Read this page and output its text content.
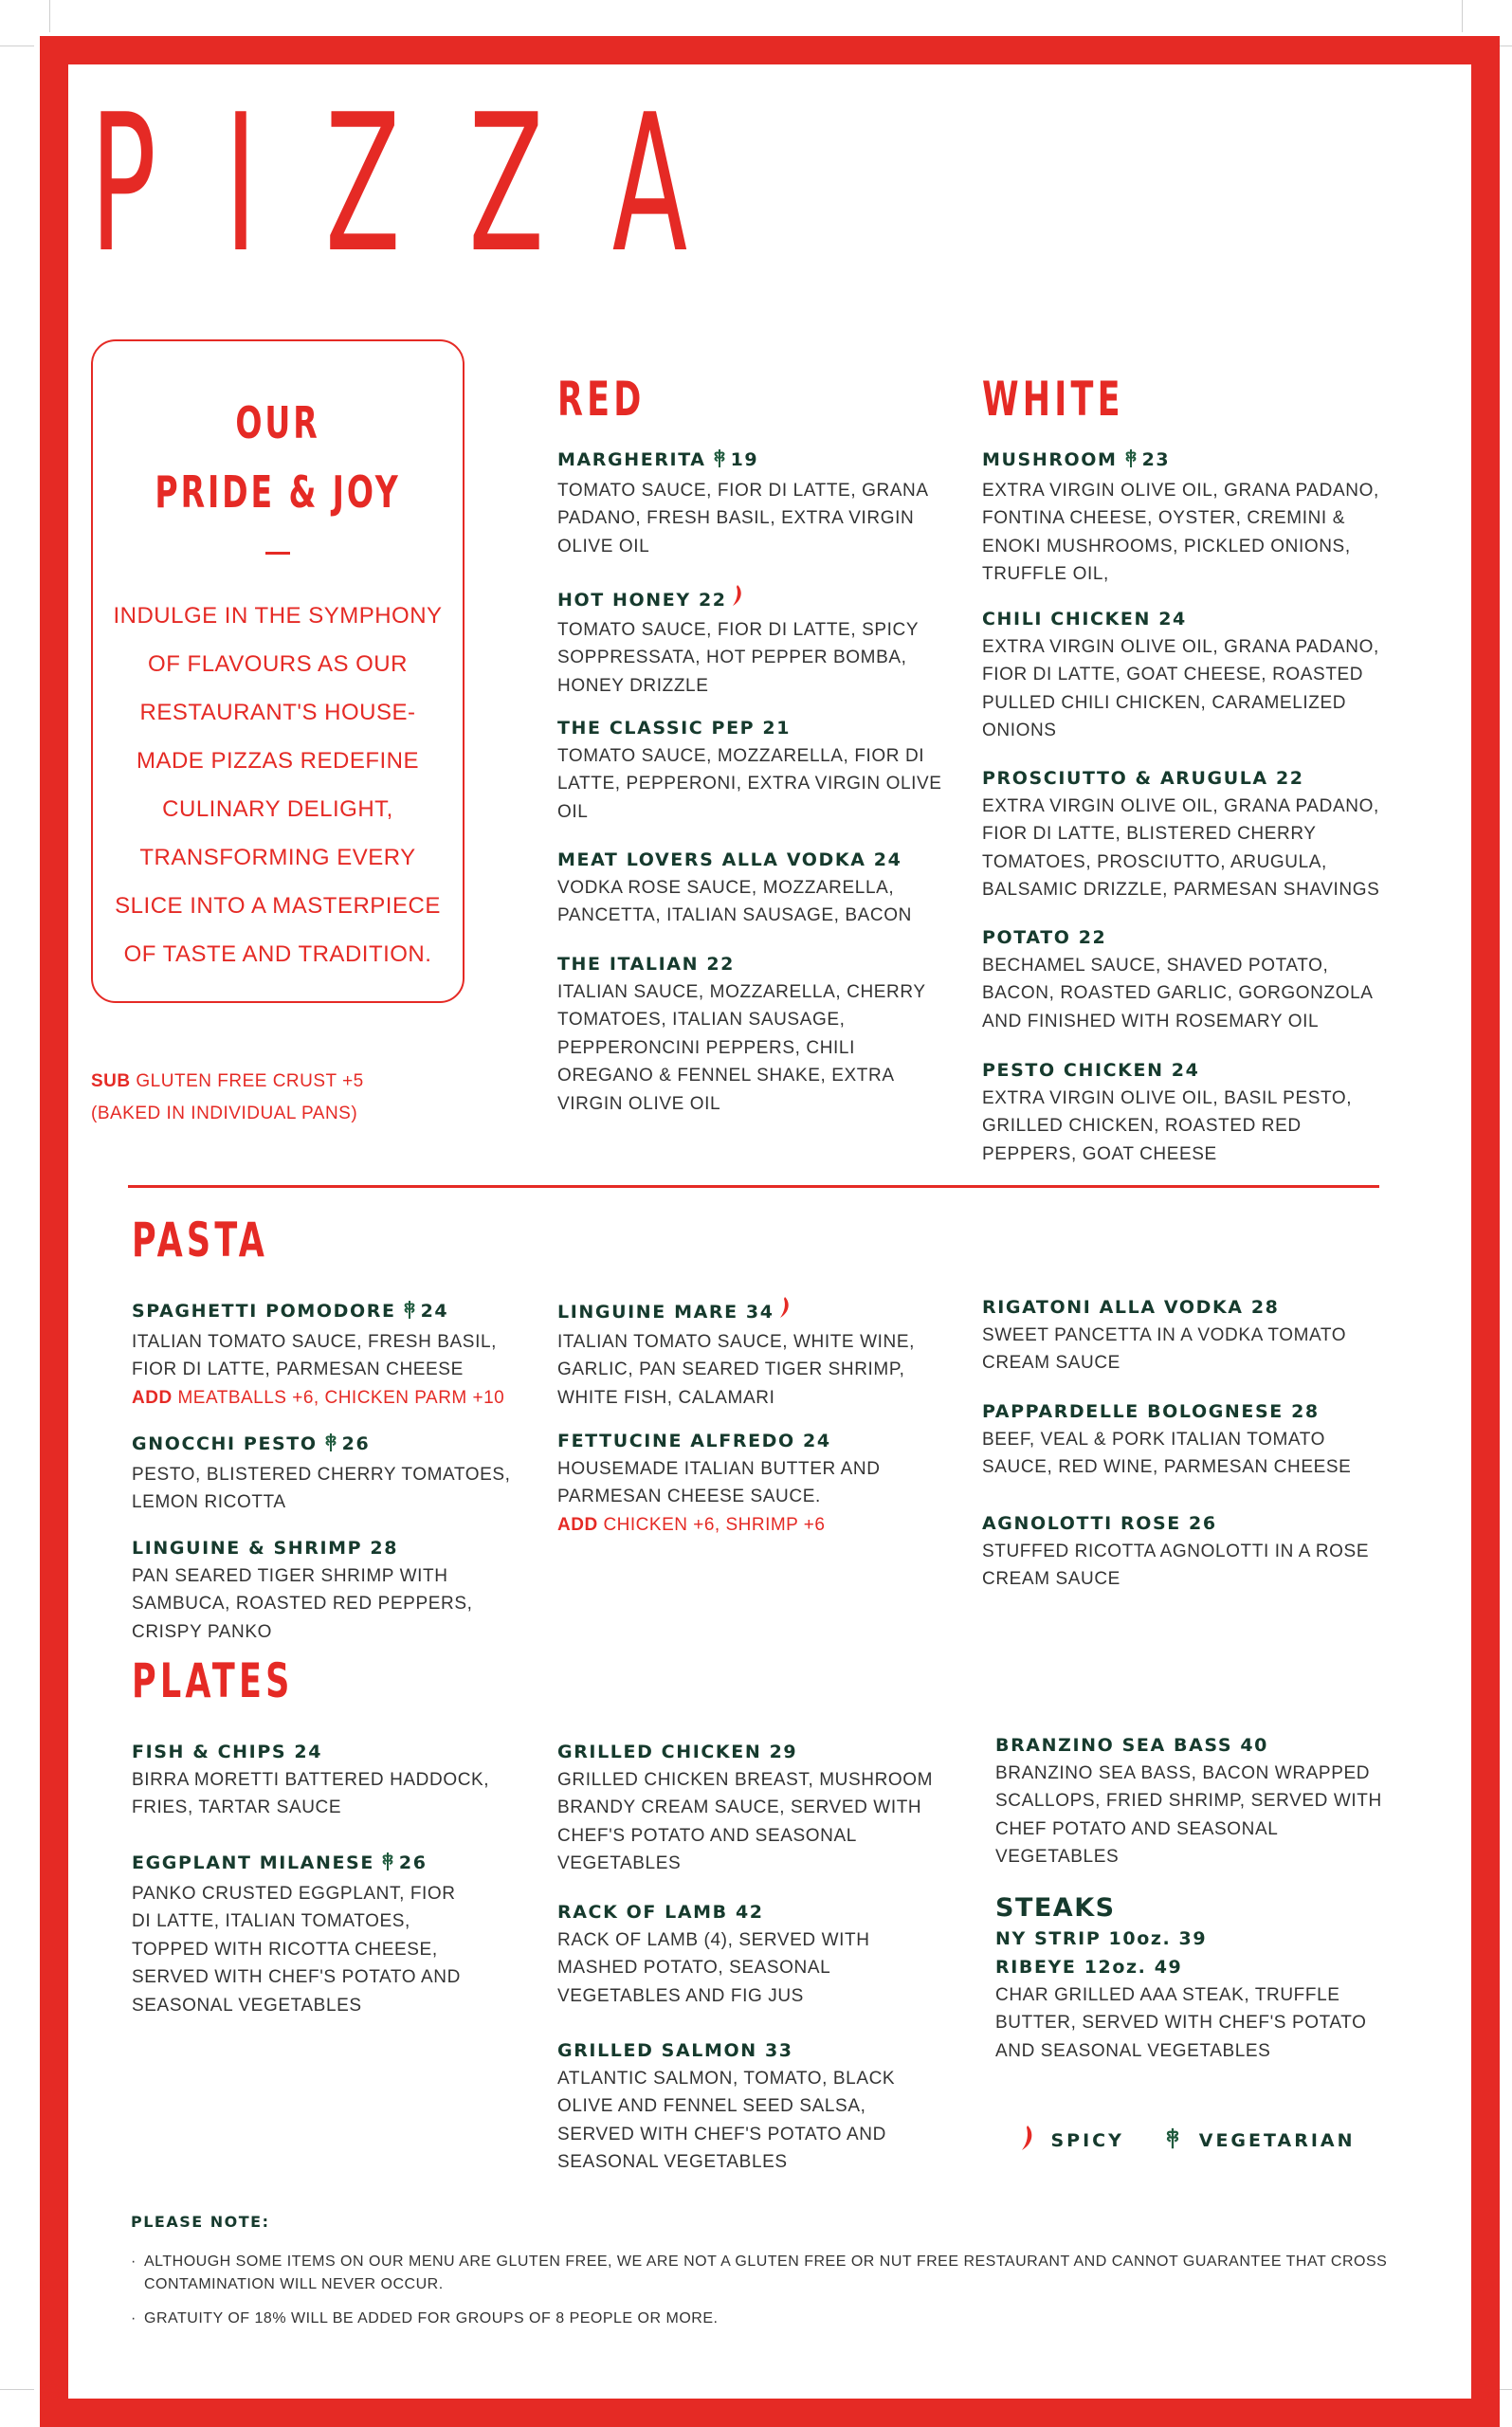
PIZZA
OUR
PRIDE & JOY

INDULGE IN THE SYMPHONY OF FLAVOURS AS OUR RESTAURANT'S HOUSE-MADE PIZZAS REDEFINE CULINARY DELIGHT, TRANSFORMING EVERY SLICE INTO A MASTERPIECE OF TASTE AND TRADITION.

SUB GLUTEN FREE CRUST +5
(BAKED IN INDIVIDUAL PANS)
RED	WHITE
PASTA
PLATES
MARGHERITA 19
TOMATO SAUCE, FIOR DI LATTE, GRANA PADANO, FRESH BASIL, EXTRA VIRGIN OLIVE OIL
HOT HONEY 22
TOMATO SAUCE, FIOR DI LATTE, SPICY SOPPRESSATA, HOT PEPPER BOMBA, HONEY DRIZZLE
THE CLASSIC PEP 21
TOMATO SAUCE, MOZZARELLA, FIOR DI LATTE, PEPPERONI, EXTRA VIRGIN OLIVE OIL
MEAT LOVERS ALLA VODKA 24
VODKA ROSE SAUCE, MOZZARELLA, PANCETTA, ITALIAN SAUSAGE, BACON
THE ITALIAN 22
ITALIAN SAUCE, MOZZARELLA, CHERRY TOMATOES, ITALIAN SAUSAGE, PEPPERONCINI PEPPERS, CHILI OREGANO & FENNEL SHAKE, EXTRA VIRGIN OLIVE OIL
MUSHROOM 23
EXTRA VIRGIN OLIVE OIL, GRANA PADANO, FONTINA CHEESE, OYSTER, CREMINI & ENOKI MUSHROOMS, PICKLED ONIONS, TRUFFLE OIL,
CHILI CHICKEN 24
EXTRA VIRGIN OLIVE OIL, GRANA PADANO, FIOR DI LATTE, GOAT CHEESE, ROASTED PULLED CHILI CHICKEN, CARAMELIZED ONIONS
PROSCIUTTO & ARUGULA 22
EXTRA VIRGIN OLIVE OIL, GRANA PADANO, FIOR DI LATTE, BLISTERED CHERRY TOMATOES, PROSCIUTTO, ARUGULA, BALSAMIC DRIZZLE, PARMESAN SHAVINGS
POTATO 22
BECHAMEL SAUCE, SHAVED POTATO, BACON, ROASTED GARLIC, GORGONZOLA AND FINISHED WITH ROSEMARY OIL
PESTO CHICKEN 24
EXTRA VIRGIN OLIVE OIL, BASIL PESTO, GRILLED CHICKEN, ROASTED RED PEPPERS, GOAT CHEESE
SPAGHETTI POMODORE 24
ITALIAN TOMATO SAUCE, FRESH BASIL, FIOR DI LATTE, PARMESAN CHEESE
ADD MEATBALLS +6, CHICKEN PARM +10
GNOCCHI PESTO 26
PESTO, BLISTERED CHERRY TOMATOES, LEMON RICOTTA
LINGUINE & SHRIMP 28
PAN SEARED TIGER SHRIMP WITH SAMBUCA, ROASTED RED PEPPERS, CRISPY PANKO
LINGUINE MARE 34
ITALIAN TOMATO SAUCE, WHITE WINE, GARLIC, PAN SEARED TIGER SHRIMP, WHITE FISH, CALAMARI
FETTUCINE ALFREDO 24
HOUSEMADE ITALIAN BUTTER AND PARMESAN CHEESE SAUCE.
ADD CHICKEN +6, SHRIMP +6
RIGATONI ALLA VODKA 28
SWEET PANCETTA IN A VODKA TOMATO CREAM SAUCE
PAPPARDELLE BOLOGNESE 28
BEEF, VEAL & PORK ITALIAN TOMATO SAUCE, RED WINE, PARMESAN CHEESE
AGNOLOTTI ROSE 26
STUFFED RICOTTA AGNOLOTTI IN A ROSE CREAM SAUCE
FISH & CHIPS 24
BIRRA MORETTI BATTERED HADDOCK, FRIES, TARTAR SAUCE
EGGPLANT MILANESE 26
PANKO CRUSTED EGGPLANT, FIOR DI LATTE, ITALIAN TOMATOES, TOPPED WITH RICOTTA CHEESE, SERVED WITH CHEF'S POTATO AND SEASONAL VEGETABLES
GRILLED CHICKEN 29
GRILLED CHICKEN BREAST, MUSHROOM BRANDY CREAM SAUCE, SERVED WITH CHEF'S POTATO AND SEASONAL VEGETABLES
RACK OF LAMB 42
RACK OF LAMB (4), SERVED WITH MASHED POTATO, SEASONAL VEGETABLES AND FIG JUS
GRILLED SALMON 33
ATLANTIC SALMON, TOMATO, BLACK OLIVE AND FENNEL SEED SALSA, SERVED WITH CHEF'S POTATO AND SEASONAL VEGETABLES
BRANZINO SEA BASS 40
BRANZINO SEA BASS, BACON WRAPPED SCALLOPS, FRIED SHRIMP, SERVED WITH CHEF POTATO AND SEASONAL VEGETABLES
STEAKS
NY STRIP 10oz. 39
RIBEYE 12oz. 49
CHAR GRILLED AAA STEAK, TRUFFLE BUTTER, SERVED WITH CHEF'S POTATO AND SEASONAL VEGETABLES
SPICY	VEGETARIAN
PLEASE NOTE:
· ALTHOUGH SOME ITEMS ON OUR MENU ARE GLUTEN FREE, WE ARE NOT A GLUTEN FREE OR NUT FREE RESTAURANT AND CANNOT GUARANTEE THAT CROSS CONTAMINATION WILL NEVER OCCUR.
· GRATUITY OF 18% WILL BE ADDED FOR GROUPS OF 8 PEOPLE OR MORE.
